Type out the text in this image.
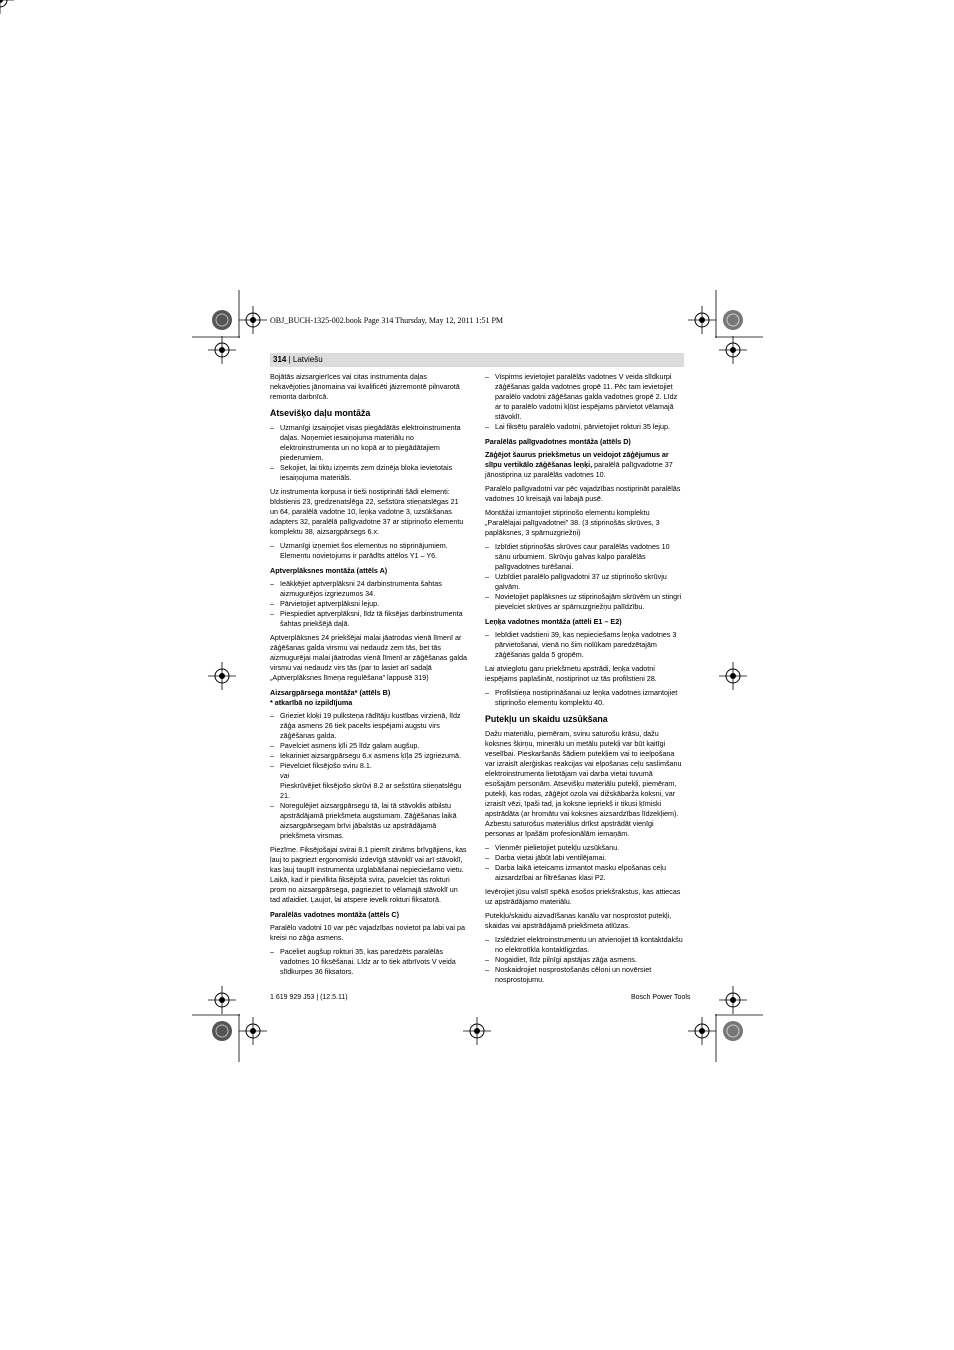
OBJ_BUCH-1325-002.book Page 314 Thursday, May 12, 2011 1:51 PM
314 | Latviešu

Bojātās aizsargierīces vai citas instrumenta daļas nekavējoties jānomaina vai kvalificēti jāizremontē pilnvarotā remonta darbnīcā.

Atsevišķo daļu montāža
– Uzmanīgi izsaiņojiet visas piegādātās elektroinstrumenta daļas. Noņemiet iesaiņojuma materiālu no elektroinstrumenta un no kopā ar to piegādātajiem piederumiem.
– Sekojiet, lai tiktu izņemts zem dzinēja bloka ievietotais iesaiņojuma materiāls.

Uz instrumenta korpusa ir tieši nostiprināti šādi elementi: bīdstienis 23, gredzenatslēga 22, sešstūra stieņatslēgas 21 un 64, paralēlā vadotne 10, leņķa vadotne 3, uzsūkšanas adapters 32, paralēlā palīgvadotne 37 ar stiprinošo elementu komplektu 38, aizsargpārsegs 6.x.

– Uzmanīgi izņemiet šos elementus no stiprinājumiem. Elementu novietojums ir parādīts attēlos Y1 – Y6.
Aptverplāksnes montāža (attēls A)
– Ieākķējiet aptverplāksni 24 darbinstrumenta šahtas aizmugurējos izgriezumos 34.
– Pārvietojiet aptverplāksni lejup.
– Piespiediet aptverplāksni, līdz tā fiksējas darbinstrumenta šahtas priekšējā daļā.

Aptverplāksnes 24 priekšējai malai jāatrodas vienā līmenī ar zāģēšanas galda virsmu vai nedaudz zem tās, bet tās aizmugurējai malai jāatrodas vienā līmenī ar zāģēšanas galda virsmu vai nedaudz virs tās (par to lasiet arī sadaļā „Aptverplāksnes līmeņa regulēšana” lappusē 319)

Aizsargpārsega montāža* (attēls B)
* atkarībā no izpildījuma
– Grieziet kloķi 19 pulksteņa rādītāju kustības virzienā, līdz zāģa asmens 26 tiek pacelts iespējami augstu virs zāģēšanas galda.
– Pavelciet asmens ķīli 25 līdz galam augšup.
– Iekariniet aizsargpārsegu 6.x asmens ķīļa 25 izgriezumā.
– Pievelciet fiksējošo sviru 8.1.
vai
Pieskrūvējiet fiksējošo skrūvi 8.2 ar sešstūra stieņatslēgu 21.
– Noregulējiet aizsargpārsegu tā, lai tā stāvoklis atbilstu apstrādājamā priekšmeta augstumam. Zāģēšanas laikā aizsargpārsegam brīvi jābalstās uz apstrādājamā priekšmeta virsmas.

Piezīme. Fiksējošajai svirai 8.1 piemīt zināms brīvgājiens, kas ļauj to pagriezt ergonomiski izdevīgā stāvoklī vai arī stāvoklī, kas ļauj taupīt instrumenta uzglabāšanai nepieciešamo vietu. Laikā, kad ir pievilkta fiksējošā svira, pavelciet tās rokturi prom no aizsargpārsega, pagrieziet to vēlamajā stāvoklī un tad atlaidiet. Ļaujot, lai atspere ievelk rokturi fiksatorā.

Paralēlās vadotnes montāža (attēls C)

Paralēlo vadotni 10 var pēc vajadzības novietot pa labi vai pa kreisi no zāģa asmens.

– Paceliet augšup rokturi 35, kas paredzēts paralēlās vadotnes 10 fiksēšanai. Līdz ar to tiek atbrīvots V veida slīdkurpes 36 fiksators.
– Vispirms ievietojiet paralēlās vadotnes V veida slīdkurpi zāģēšanas galda vadotnes gropē 11. Pēc tam ievietojiet paralēlo vadotni zāģēšanas galda vadotnes gropē 2. Līdz ar to paralēlo vadotni kļūst iespējams pārvietot vēlamajā stāvoklī.
– Lai fiksētu paralēlo vadotni, pārvietojiet rokturi 35 lejup.
Paralēlās palīgvadotnes montāža (attēls D)

Zāģējot šaurus priekšmetus un veidojot zāģējumus ar slīpu vertikālo zāģēšanas leņķi, paralēlā palīgvadotne 37 jānostiprina uz paralēlās vadotnes 10.

Paralēlo palīgvadotni var pēc vajadzības nostiprināt paralēlās vadotnes 10 kreisajā vai labajā pusē.

Montāžai izmantojiet stiprinošo elementu komplektu „Paralēlajai palīgvadotnei” 38. (3 stiprinošās skrūves, 3 paplāksnes, 3 spārnuzgriežņi)

– Izbīdiet stiprinošās skrūves caur paralēlās vadotnes 10 sānu urbumiem. Skrūvju galvas kalpo paralēlās palīgvadotnes turēšanai.
– Uzbīdiet paralēlo palīgvadotni 37 uz stiprinošo skrūvju galvām.
– Novietojiet paplāksnes uz stiprinošajām skrūvēm un stingri pievelciet skrūves ar spārnuzgriežņu palīdzību.
Leņķa vadotnes montāža (attēli E1 – E2)
– Iebīdiet vadstieni 39, kas nepieciešams leņķa vadotnes 3 pārvietošanai, vienā no šim nolūkam paredzētajām zāģēšanas galda 5 gropēm.

Lai atvieglotu garu priekšmetu apstrādi, leņķa vadotni iespējams paplašināt, nostiprinot uz tās profilstieni 28.

– Profilstieņa nostiprināšanai uz leņķa vadotnes izmantojiet stiprinošo elementu komplektu 40.
Putekļu un skaidu uzsūkšana

Dažu materiālu, piemēram, svinu saturošu krāsu, dažu koksnes šķirņu, minerālu un metālu putekļi var būt kaitīgi veselībai. Pieskaršanās šādiem putekļiem vai to ieelpošana var izraisīt alerģiskas reakcijas vai elpošanas ceļu saslimšanu elektroinstrumenta lietotājam vai darba vietai tuvumā esošajām personām. Atsevišķu materiālu putekļi, piemēram, putekļi, kas rodas, zāģējot ozola vai dižskābarža koksni, var izraisīt vēzi, īpaši tad, ja koksne iepriekš ir tikusi ķīmiski apstrādāta (ar hromātu vai koksnes aizsardzības līdzekļiem). Azbestu saturošus materiālus drīkst apstrādāt vienīgi personas ar īpašām profesionālām iemaņām.

– Vienmēr pielietojiet putekļu uzsūkšanu.
– Darba vietai jābūt labi ventilējamai.
– Darba laikā ieteicams izmantot masku elpošanas ceļu aizsardzībai ar filtrēšanas klasi P2.

Ievērojiet jūsu valstī spēkā esošos priekšrakstus, kas attiecas uz apstrādājamo materiālu.

Putekļu/skaidu aizvadīšanas kanālu var nosprostot putekļi, skaidas vai apstrādājamā priekšmeta atlūzas.

– Izslēdziet elektroinstrumentu un atvienojiet tā kontaktdakšu no elektrotīkla kontaktligzdas.
– Nogaidiet, līdz pilnīgi apstājas zāģa asmens.
– Noskaidrojiet nosprostošanās cēloni un novērsiet nosprostojumu.
1 619 929 J53 | (12.5.11)	Bosch Power Tools
